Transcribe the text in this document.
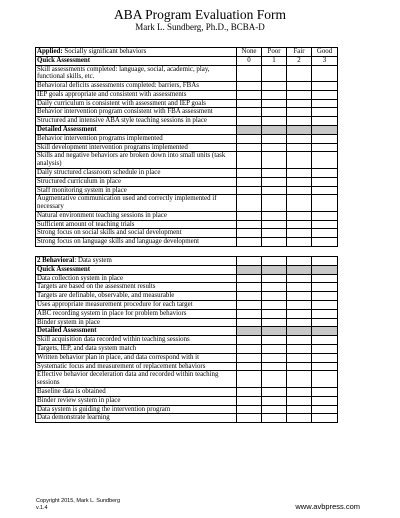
ABA Program Evaluation Form
Mark L. Sundberg, Ph.D., BCBA-D
Applied: Socially significant behaviors	None	Poor	Fair	Good
Quick Assessment	0	1	2	3
Skill assessments completed: language, social, academic, play, functional skills, etc.				
Behavioral deficits assessments completed: barriers, FBAs				
IEP goals appropriate and consistent with assessments				
Daily curriculum is consistent with assessment and IEP goals				
Behavior intervention program consistent with FBA assessment				
Structured and intensive ABA style teaching sessions in place				
Detailed Assessment				
Behavior intervention programs implemented				
Skill development intervention programs implemented				
Skills and negative behaviors are broken down into small units (task analysis)				
Daily structured classroom schedule in place				
Structured curriculum in place				
Staff monitoring system in place				
Augmentative communication used and correctly implemented if necessary				
Natural environment teaching sessions in place				
Sufficient amount of teaching trials				
Strong focus on social skills and social development				
Strong focus on language skills and language development				

2 Behavioral: Data system				
Quick Assessment				
Data collection system in place				
Targets are based on the assessment results				
Targets are definable, observable, and measurable				
Uses appropriate measurement procedure for each target				
ABC recording system in place for problem behaviors				
Binder system in place				
Detailed Assessment				
Skill acquisition data recorded within teaching sessions				
Targets, IEP, and data system match				
Written behavior plan in place, and data correspond with it				
Systematic focus and measurement of replacement behaviors				
Effective behavior deceleration data and recorded within teaching sessions				
Baseline data is obtained				
Binder review system in place				
Data system is guiding the intervention program				
Data demonstrate learning				
Copyright 2015, Mark L. Sundberg
v.1.4	www.avbpress.com
